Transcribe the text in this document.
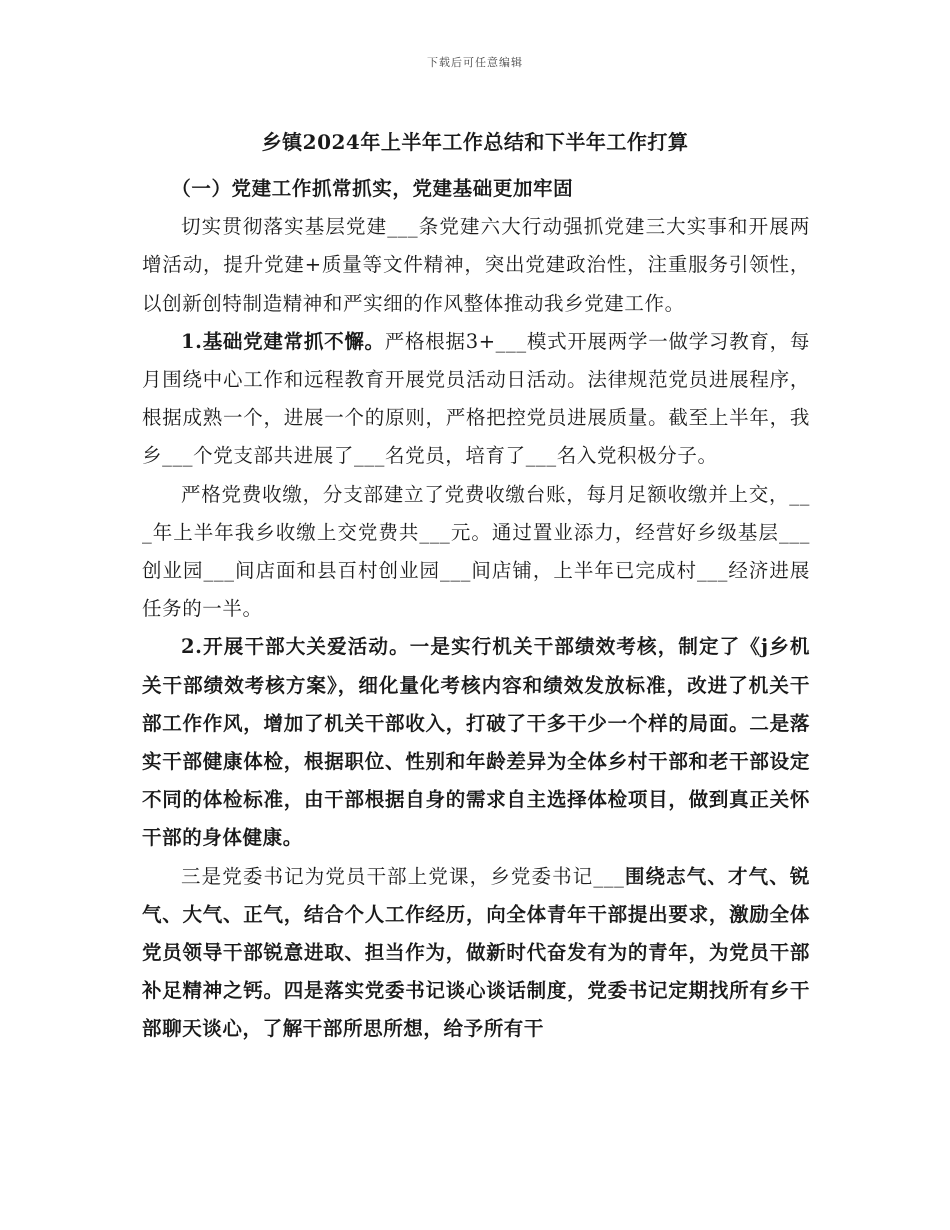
下载后可任意编辑
乡镇2024年上半年工作总结和下半年工作打算

（一）党建工作抓常抓实，党建基础更加牢固

切实贯彻落实基层党建___条党建六大行动强抓党建三大实事和开展两增活动，提升党建+质量等文件精神，突出党建政治性，注重服务引领性，以创新创特制造精神和严实细的作风整体推动我乡党建工作。

1.基础党建常抓不懈。严格根据3+___模式开展两学一做学习教育，每月围绕中心工作和远程教育开展党员活动日活动。法律规范党员进展程序，根据成熟一个，进展一个的原则，严格把控党员进展质量。截至上半年，我乡___个党支部共进展了___名党员，培育了___名入党积极分子。

严格党费收缴，分支部建立了党费收缴台账，每月足额收缴并上交，___年上半年我乡收缴上交党费共___元。通过置业添力，经营好乡级基层___创业园___间店面和县百村创业园___间店铺，上半年已完成村___经济进展任务的一半。

2.开展干部大关爱活动。一是实行机关干部绩效考核，制定了《j乡机关干部绩效考核方案》，细化量化考核内容和绩效发放标准，改进了机关干部工作作风，增加了机关干部收入，打破了干多干少一个样的局面。二是落实干部健康体检，根据职位、性别和年龄差异为全体乡村干部和老干部设定不同的体检标准，由干部根据自身的需求自主选择体检项目，做到真正关怀干部的身体健康。

三是党委书记为党员干部上党课，乡党委书记___围绕志气、才气、锐气、大气、正气，结合个人工作经历，向全体青年干部提出要求，激励全体党员领导干部锐意进取、担当作为，做新时代奋发有为的青年，为党员干部补足精神之钙。四是落实党委书记谈心谈话制度，党委书记定期找所有乡干部聊天谈心，了解干部所思所想，给予所有干
